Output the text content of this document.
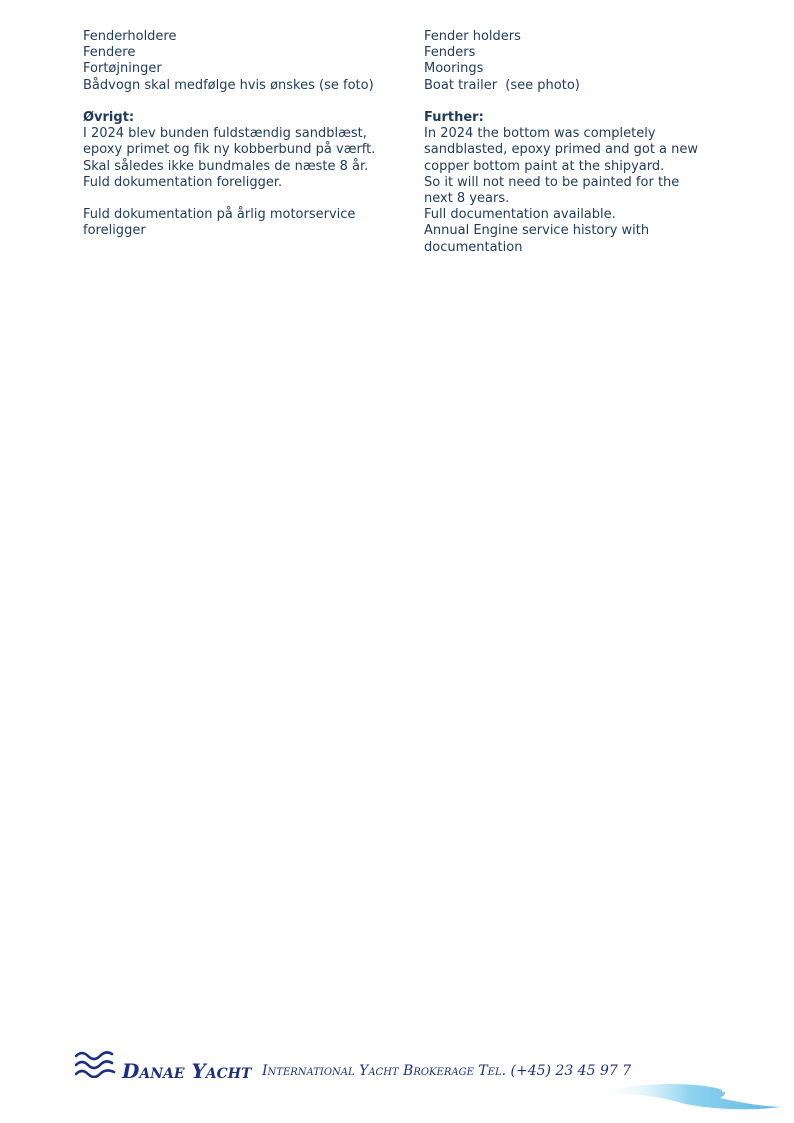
Fenderholdere
Fendere
Fortøjninger
Bådvogn skal medfølge hvis ønskes (se foto)
Øvrigt:
I 2024 blev bunden fuldstændig sandblæst,
epoxy primet og fik ny kobberbund på værft.
Skal således ikke bundmales de næste 8 år.
Fuld dokumentation foreligger.
Fuld dokumentation på årlig motorservice
foreligger
Fender holders
Fenders
Moorings
Boat trailer  (see photo)
Further:
In 2024 the bottom was completely
sandblasted, epoxy primed and got a new
copper bottom paint at the shipyard.
So it will not need to be painted for the
next 8 years.
Full documentation available.
Annual Engine service history with
documentation
Danae Yacht International Yacht Brokerage Tel. (+45) 23 45 97 7
